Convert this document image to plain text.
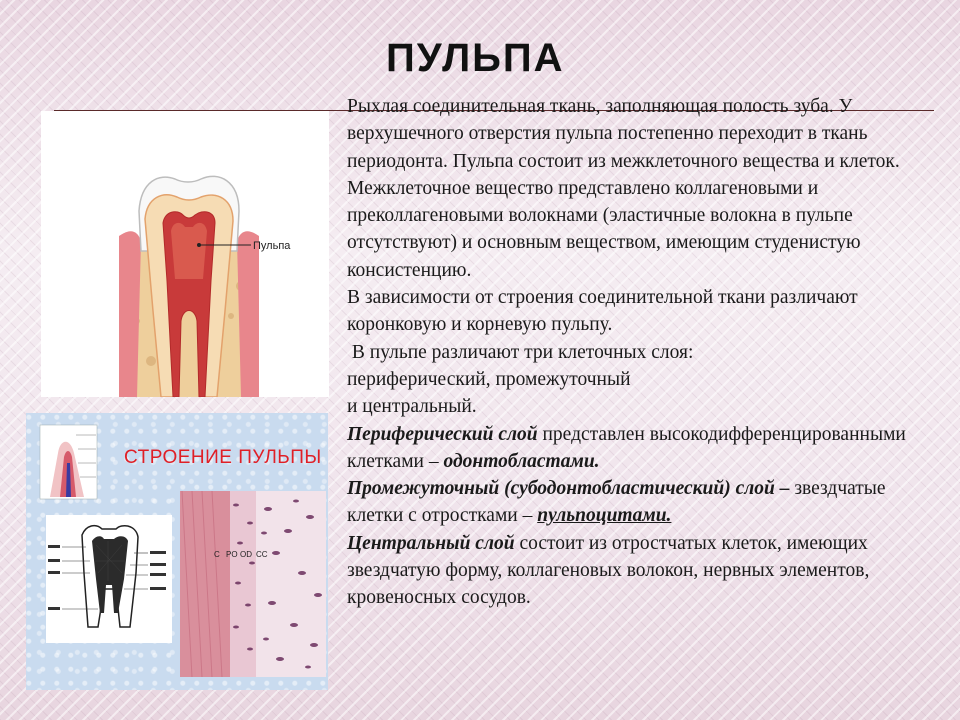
ПУЛЬПА
Пульпа
C PO OD CC
СТРОЕНИЕ ПУЛЬПЫ

Рыхлая соединительная ткань, заполняющая полость зуба. У верхушечного отверстия пульпа постепенно переходит в ткань периодонта. Пульпа состоит из межклеточного вещества и клеток. Межклеточное вещество представлено коллагеновыми и преколлагеновыми волокнами (эластичные волокна в пульпе отсутствуют) и основным веществом, имеющим студенистую консистенцию.

В зависимости от строения соединительной ткани различают коронковую и корневую пульпу.

В пульпе различают три клеточных слоя:
периферический, промежуточный
и центральный.

Периферический слой представлен высокодифференцированными клетками – одонтобластами.

Промежуточный (субодонтобластический) слой – звездчатые клетки с отростками – пульпоцитами.

Центральный слой состоит из отростчатых клеток, имеющих звездчатую форму, коллагеновых волокон, нервных элементов, кровеносных сосудов.
